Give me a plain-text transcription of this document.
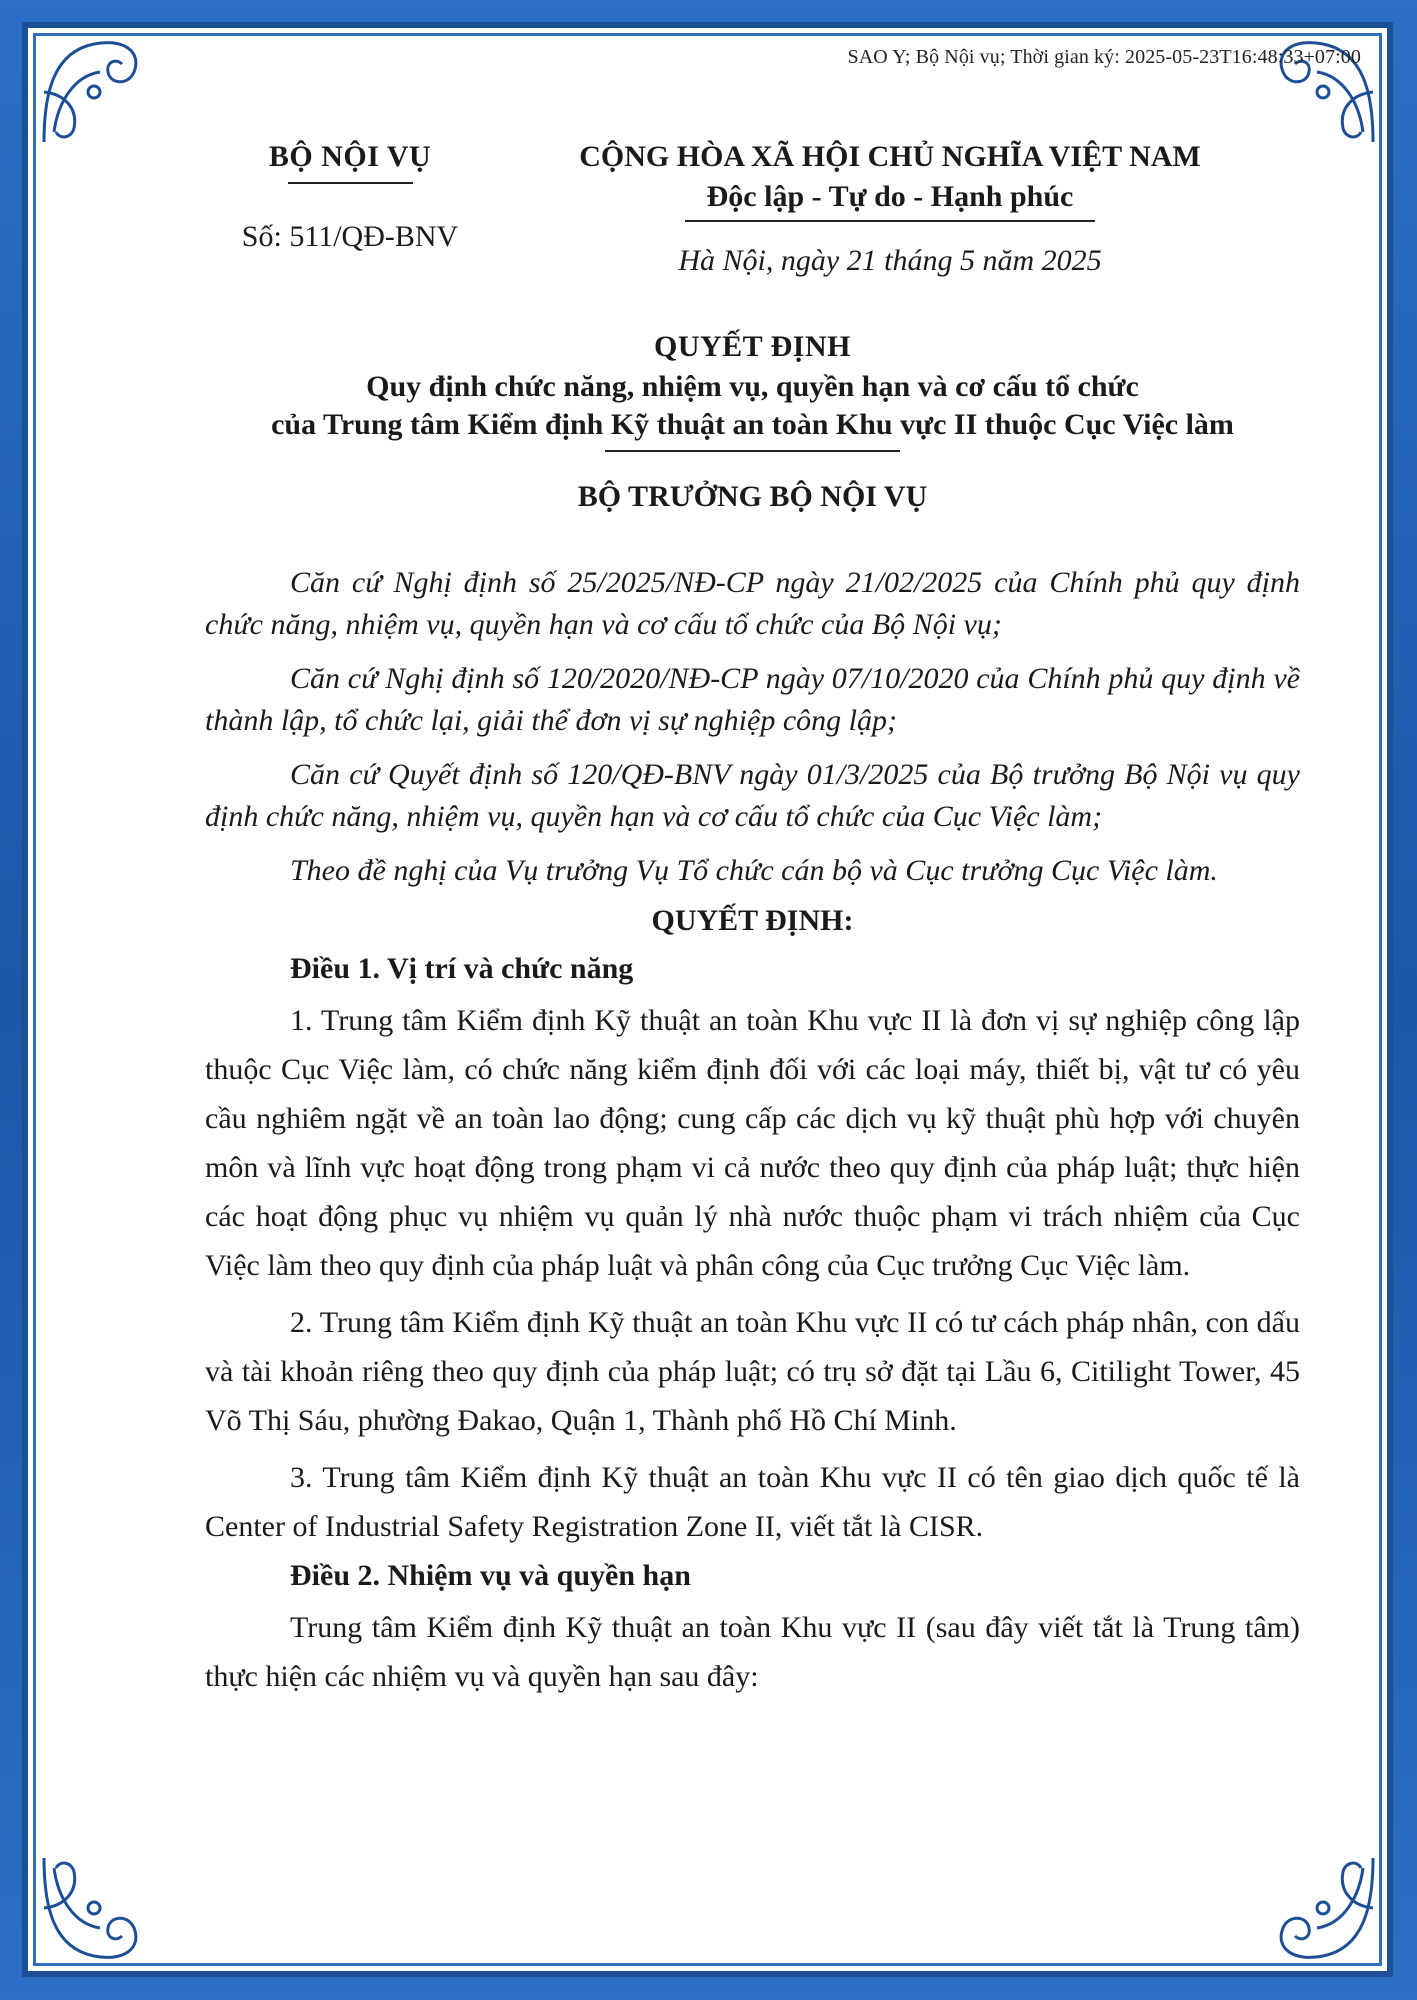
SAO Y; Bộ Nội vụ; Thời gian ký: 2025-05-23T16:48:33+07:00
BỘ NỘI VỤ
Số: 511/QĐ-BNV
CỘNG HÒA XÃ HỘI CHỦ NGHĨA VIỆT NAM
Độc lập - Tự do - Hạnh phúc
Hà Nội, ngày 21 tháng 5 năm 2025
QUYẾT ĐỊNH
Quy định chức năng, nhiệm vụ, quyền hạn và cơ cấu tổ chức
của Trung tâm Kiểm định Kỹ thuật an toàn Khu vực II thuộc Cục Việc làm
BỘ TRƯỞNG BỘ NỘI VỤ

Căn cứ Nghị định số 25/2025/NĐ-CP ngày 21/02/2025 của Chính phủ quy định chức năng, nhiệm vụ, quyền hạn và cơ cấu tổ chức của Bộ Nội vụ;

Căn cứ Nghị định số 120/2020/NĐ-CP ngày 07/10/2020 của Chính phủ quy định về thành lập, tổ chức lại, giải thể đơn vị sự nghiệp công lập;

Căn cứ Quyết định số 120/QĐ-BNV ngày 01/3/2025 của Bộ trưởng Bộ Nội vụ quy định chức năng, nhiệm vụ, quyền hạn và cơ cấu tổ chức của Cục Việc làm;

Theo đề nghị của Vụ trưởng Vụ Tổ chức cán bộ và Cục trưởng Cục Việc làm.

QUYẾT ĐỊNH:
Điều 1. Vị trí và chức năng

1. Trung tâm Kiểm định Kỹ thuật an toàn Khu vực II là đơn vị sự nghiệp công lập thuộc Cục Việc làm, có chức năng kiểm định đối với các loại máy, thiết bị, vật tư có yêu cầu nghiêm ngặt về an toàn lao động; cung cấp các dịch vụ kỹ thuật phù hợp với chuyên môn và lĩnh vực hoạt động trong phạm vi cả nước theo quy định của pháp luật; thực hiện các hoạt động phục vụ nhiệm vụ quản lý nhà nước thuộc phạm vi trách nhiệm của Cục Việc làm theo quy định của pháp luật và phân công của Cục trưởng Cục Việc làm.

2. Trung tâm Kiểm định Kỹ thuật an toàn Khu vực II có tư cách pháp nhân, con dấu và tài khoản riêng theo quy định của pháp luật; có trụ sở đặt tại Lầu 6, Citilight Tower, 45 Võ Thị Sáu, phường Đakao, Quận 1, Thành phố Hồ Chí Minh.

3. Trung tâm Kiểm định Kỹ thuật an toàn Khu vực II có tên giao dịch quốc tế là Center of Industrial Safety Registration Zone II, viết tắt là CISR.

Điều 2. Nhiệm vụ và quyền hạn

Trung tâm Kiểm định Kỹ thuật an toàn Khu vực II (sau đây viết tắt là Trung tâm) thực hiện các nhiệm vụ và quyền hạn sau đây:
